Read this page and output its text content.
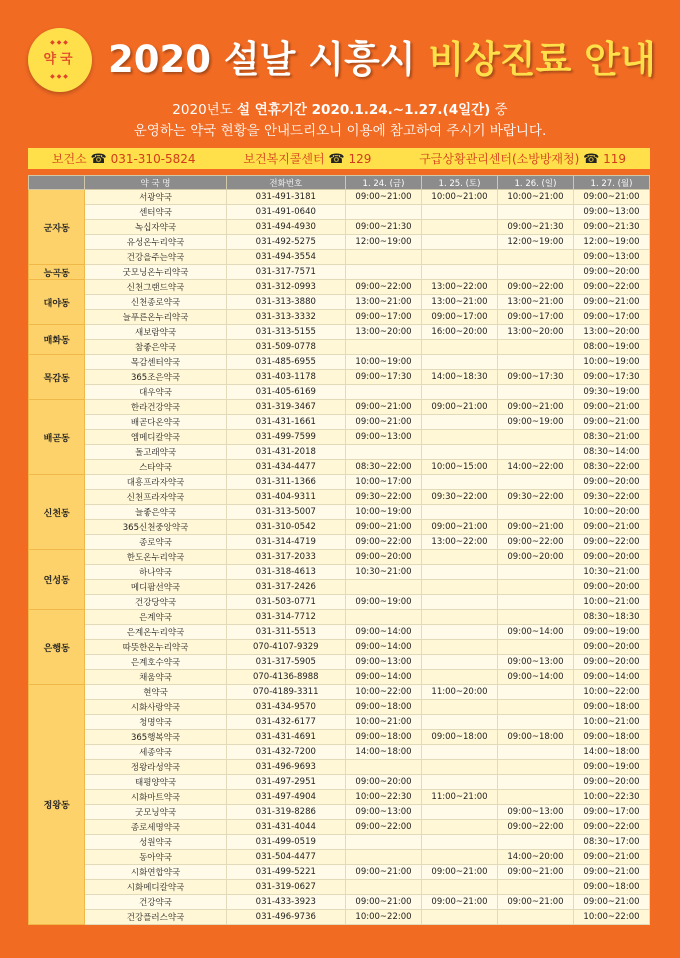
◆◆◆
약국
◆◆◆	2020 설날 시흥시 비상진료 안내
2020년도 설 연휴기간 2020.1.24.~1.27.(4일간) 중
운영하는 약국 현황을 안내드리오니 이용에 참고하여 주시기 바랍니다.
보건소 ☎ 031-310-5824	보건복지콜센터 ☎ 129	구급상황관리센터(소방방재청) ☎ 119
	약 국 명	전화번호	1. 24. (금)	1. 25. (토)	1. 26. (일)	1. 27. (월)
군자동	서광약국	031-491-3181	09:00~21:00	10:00~21:00	10:00~21:00	09:00~21:00
	센터약국	031-491-0640				09:00~13:00
	녹십자약국	031-494-4930	09:00~21:30		09:00~21:30	09:00~21:30
	유성온누리약국	031-492-5275	12:00~19:00		12:00~19:00	12:00~19:00
	건강을주는약국	031-494-3554				09:00~13:00
능곡동	굿모닝온누리약국	031-317-7571				09:00~20:00
대야동	신천그랜드약국	031-312-0993	09:00~22:00	13:00~22:00	09:00~22:00	09:00~22:00
	신천종로약국	031-313-3880	13:00~21:00	13:00~21:00	13:00~21:00	09:00~21:00
	늘푸른온누리약국	031-313-3332	09:00~17:00	09:00~17:00	09:00~17:00	09:00~17:00
매화동	새보람약국	031-313-5155	13:00~20:00	16:00~20:00	13:00~20:00	13:00~20:00
	참좋은약국	031-509-0778				08:00~19:00
목감동	목감센터약국	031-485-6955	10:00~19:00			10:00~19:00
	365조은약국	031-403-1178	09:00~17:30	14:00~18:30	09:00~17:30	09:00~17:30
	대우약국	031-405-6169				09:30~19:00
배곧동	한라건강약국	031-319-3467	09:00~21:00	09:00~21:00	09:00~21:00	09:00~21:00
	배곧다온약국	031-431-1661	09:00~21:00		09:00~19:00	09:00~21:00
	엠메디칼약국	031-499-7599	09:00~13:00			08:30~21:00
	돌고래약국	031-431-2018				08:30~14:00
	스타약국	031-434-4477	08:30~22:00	10:00~15:00	14:00~22:00	08:30~22:00
신천동	대흥프라자약국	031-311-1366	10:00~17:00			09:00~20:00
	신천프라자약국	031-404-9311	09:30~22:00	09:30~22:00	09:30~22:00	09:30~22:00
	늘좋은약국	031-313-5007	10:00~19:00			10:00~20:00
	365신천중앙약국	031-310-0542	09:00~21:00	09:00~21:00	09:00~21:00	09:00~21:00
	종로약국	031-314-4719	09:00~22:00	13:00~22:00	09:00~22:00	09:00~22:00
연성동	한도온누리약국	031-317-2033	09:00~20:00		09:00~20:00	09:00~20:00
	하나약국	031-318-4613	10:30~21:00			10:30~21:00
	메디팜선약국	031-317-2426				09:00~20:00
	건강당약국	031-503-0771	09:00~19:00			10:00~21:00
은행동	은계약국	031-314-7712				08:30~18:30
	은계온누리약국	031-311-5513	09:00~14:00		09:00~14:00	09:00~19:00
	따뜻한온누리약국	070-4107-9329	09:00~14:00			09:00~20:00
	은계호수약국	031-317-5905	09:00~13:00		09:00~13:00	09:00~20:00
	채움약국	070-4136-8988	09:00~14:00		09:00~14:00	09:00~14:00
정왕동	현약국	070-4189-3311	10:00~22:00	11:00~20:00		10:00~22:00
	시화사랑약국	031-434-9570	09:00~18:00			09:00~18:00
	청명약국	031-432-6177	10:00~21:00			10:00~21:00
	365행복약국	031-431-4691	09:00~18:00	09:00~18:00	09:00~18:00	09:00~18:00
	세종약국	031-432-7200	14:00~18:00			14:00~18:00
	정왕라성약국	031-496-9693				09:00~19:00
	태평양약국	031-497-2951	09:00~20:00			09:00~20:00
	시화마트약국	031-497-4904	10:00~22:30	11:00~21:00		10:00~22:30
	굿모닝약국	031-319-8286	09:00~13:00		09:00~13:00	09:00~17:00
	종로세명약국	031-431-4044	09:00~22:00		09:00~22:00	09:00~22:00
	성원약국	031-499-0519				08:30~17:00
	동아약국	031-504-4477			14:00~20:00	09:00~21:00
	시화연합약국	031-499-5221	09:00~21:00	09:00~21:00	09:00~21:00	09:00~21:00
	시화메디칼약국	031-319-0627				09:00~18:00
	건강약국	031-433-3923	09:00~21:00	09:00~21:00	09:00~21:00	09:00~21:00
	건강플러스약국	031-496-9736	10:00~22:00			10:00~22:00
